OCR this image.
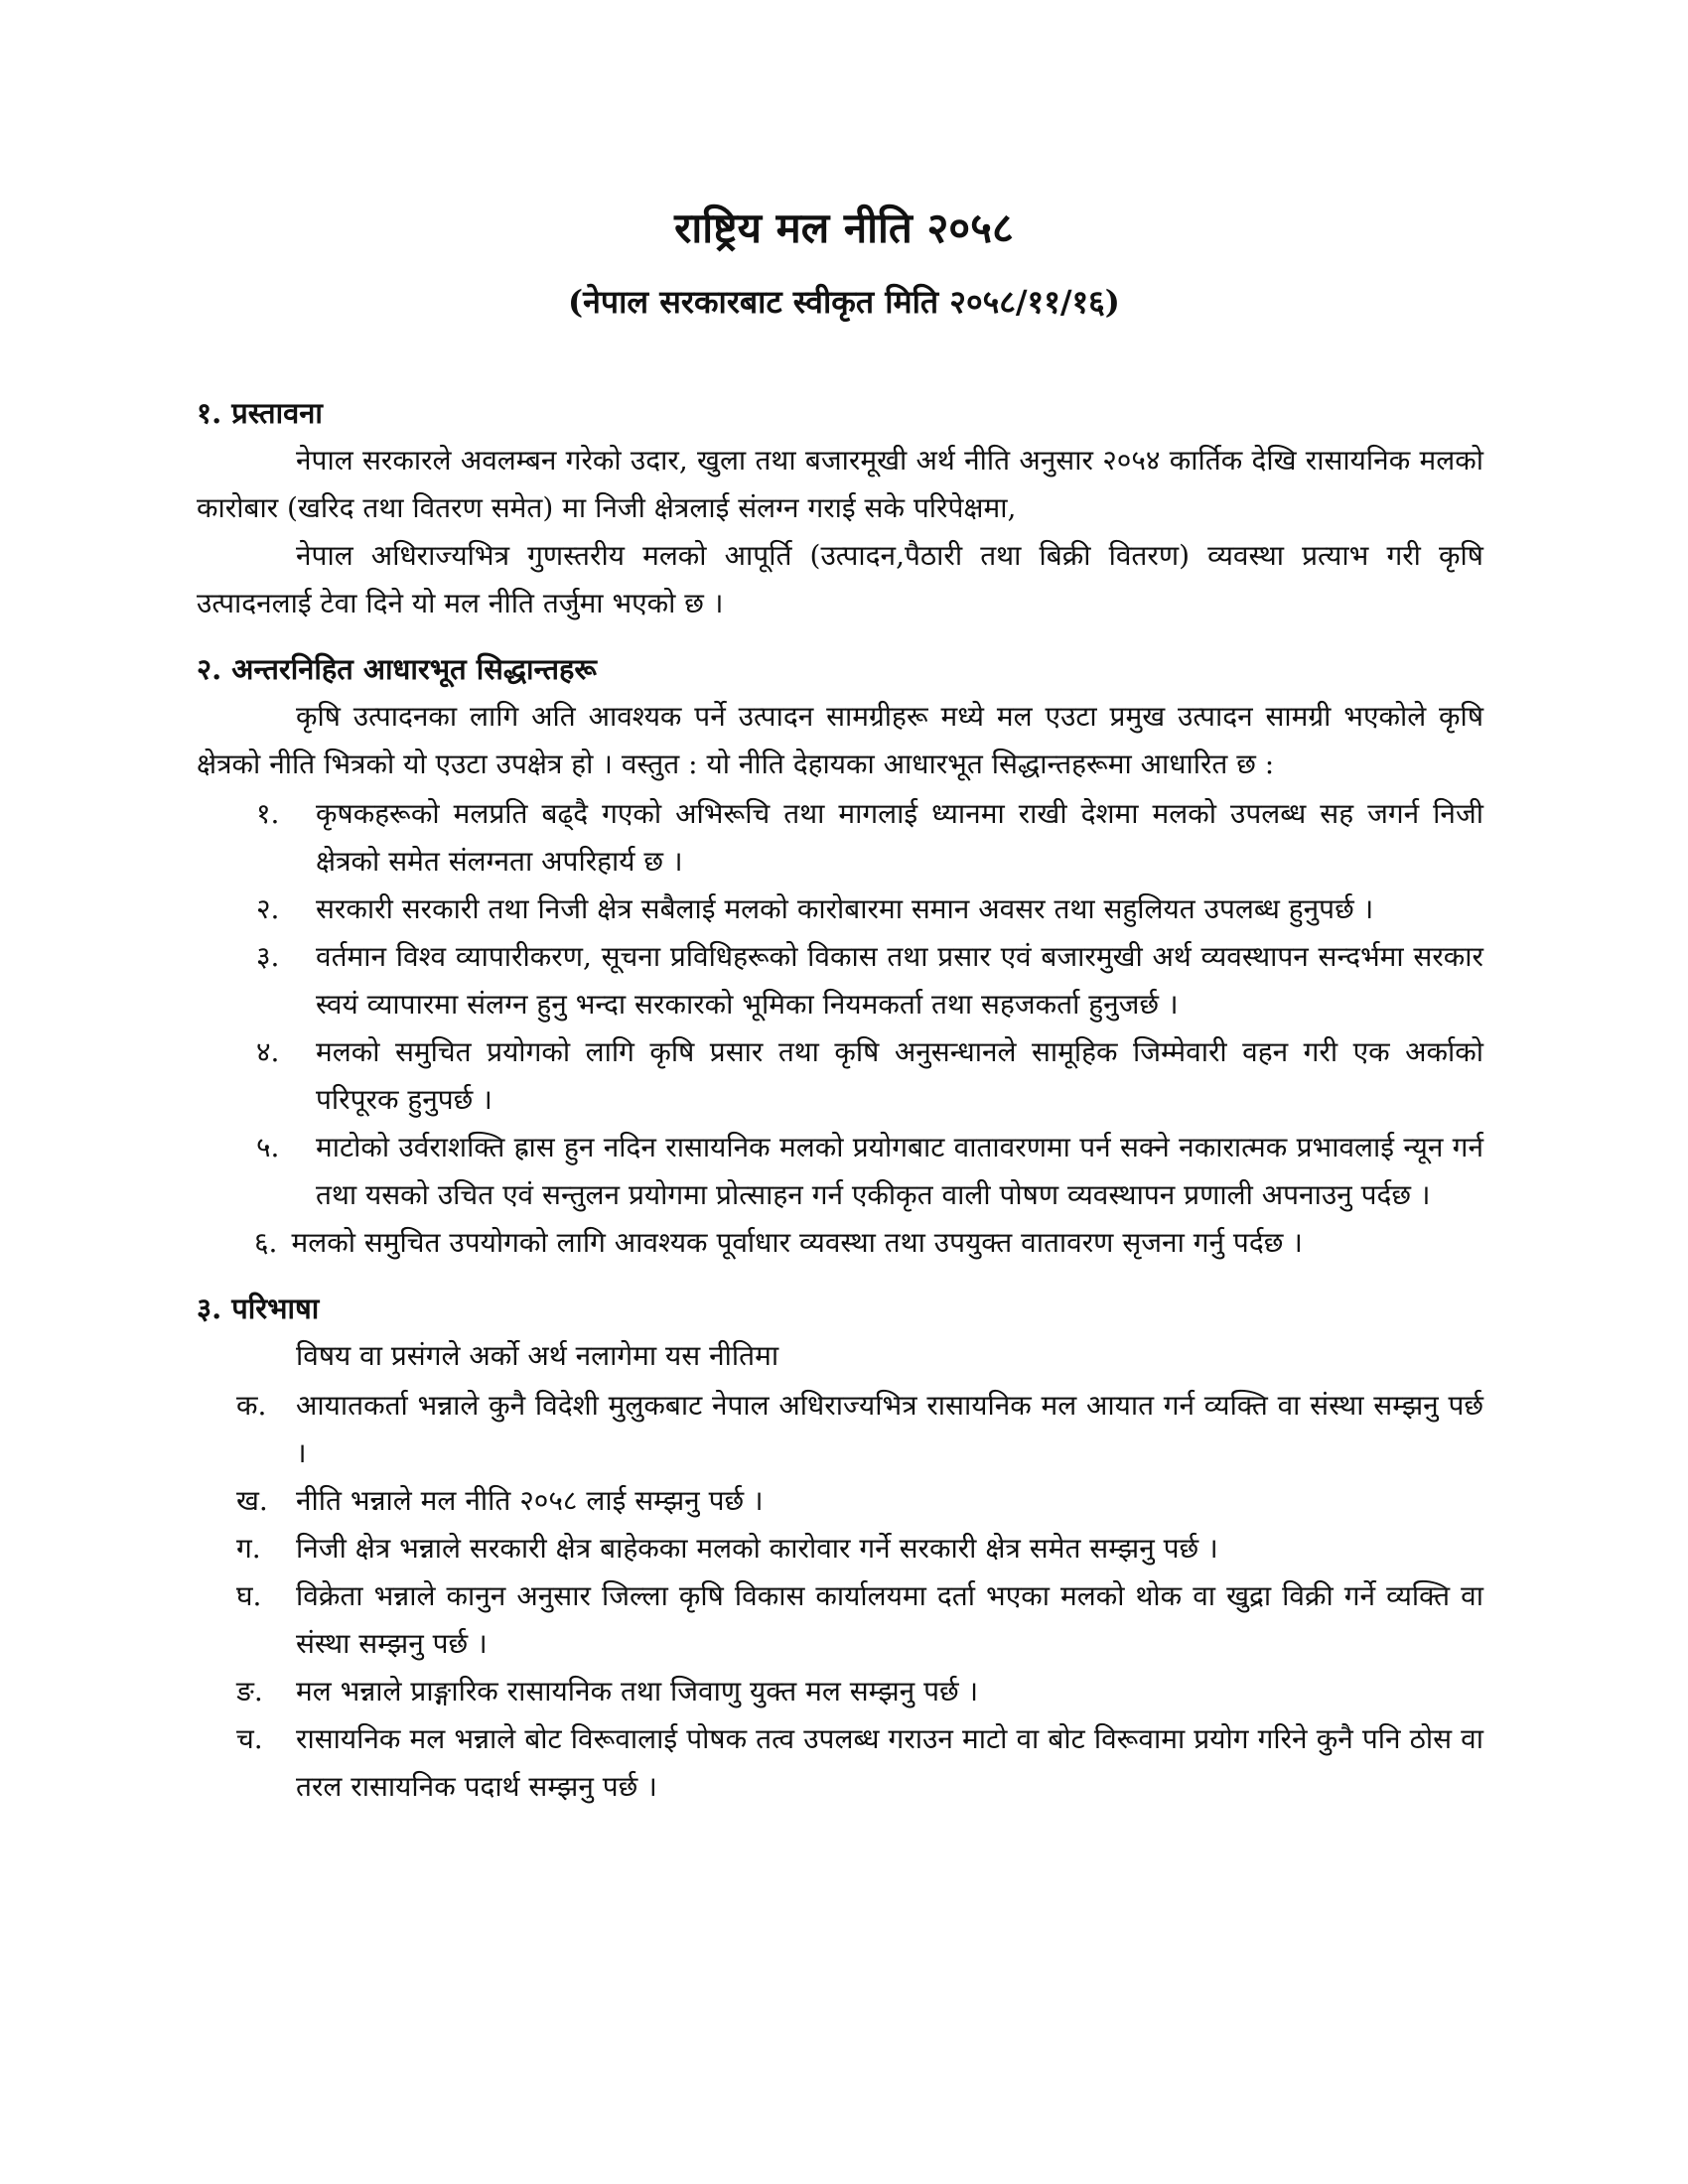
राष्ट्रिय मल नीति २०५८
(नेपाल सरकारबाट स्वीकृत मिति २०५८/११/१६)

१. प्रस्तावना

नेपाल सरकारले अवलम्बन गरेको उदार, खुला तथा बजारमूखी अर्थ नीति अनुसार २०५४ कार्तिक देखि रासायनिक मलको कारोबार (खरिद तथा वितरण समेत) मा निजी क्षेत्रलाई संलग्न गराई सके परिपेक्षमा,

नेपाल अधिराज्यभित्र गुणस्तरीय मलको आपूर्ति (उत्पादन,पैठारी तथा बिक्री वितरण) व्यवस्था प्रत्याभ गरी कृषि उत्पादनलाई टेवा दिने यो मल नीति तर्जुमा भएको छ ।

२. अन्तरनिहित आधारभूत सिद्धान्तहरू

कृषि उत्पादनका लागि अति आवश्यक पर्ने उत्पादन सामग्रीहरू मध्ये मल एउटा प्रमुख उत्पादन सामग्री भएकोले कृषि क्षेत्रको नीति भित्रको यो एउटा उपक्षेत्र हो । वस्तुत : यो नीति देहायका आधारभूत सिद्धान्तहरूमा आधारित छ :

१.	कृषकहरूको मलप्रति बढ्दै गएको अभिरूचि तथा मागलाई ध्यानमा राखी देशमा मलको उपलब्ध सह जगर्न निजी क्षेत्रको समेत संलग्नता अपरिहार्य छ ।
२.	सरकारी सरकारी तथा निजी क्षेत्र सबैलाई मलको कारोबारमा समान अवसर तथा सहुलियत उपलब्ध हुनुपर्छ ।
३.	वर्तमान विश्व व्यापारीकरण, सूचना प्रविधिहरूको विकास तथा प्रसार एवं बजारमुखी अर्थ व्यवस्थापन सन्दर्भमा सरकार स्वयं व्यापारमा संलग्न हुनु भन्दा सरकारको भूमिका नियमकर्ता तथा सहजकर्ता हुनुजर्छ ।
४.	मलको समुचित प्रयोगको लागि कृषि प्रसार तथा कृषि अनुसन्धानले सामूहिक जिम्मेवारी वहन गरी एक अर्काको परिपूरक हुनुपर्छ ।
५.	माटोको उर्वराशक्ति ह्रास हुन नदिन रासायनिक मलको प्रयोगबाट वातावरणमा पर्न सक्ने नकारात्मक प्रभावलाई न्यून गर्न तथा यसको उचित एवं सन्तुलन प्रयोगमा प्रोत्साहन गर्न एकीकृत वाली पोषण व्यवस्थापन प्रणाली अपनाउनु पर्दछ ।
६. मलको समुचित उपयोगको लागि आवश्यक पूर्वाधार व्यवस्था तथा उपयुक्त वातावरण सृजना गर्नु पर्दछ ।

३. परिभाषा

विषय वा प्रसंगले अर्को अर्थ नलागेमा यस नीतिमा

क.	आयातकर्ता भन्नाले कुनै विदेशी मुलुकबाट नेपाल अधिराज्यभित्र रासायनिक मल आयात गर्न व्यक्ति वा संस्था सम्झनु पर्छ ।
ख.	नीति भन्नाले मल नीति २०५८ लाई सम्झनु पर्छ ।
ग.	निजी क्षेत्र भन्नाले सरकारी क्षेत्र बाहेकका मलको कारोवार गर्ने सरकारी क्षेत्र समेत सम्झनु पर्छ ।
घ.	विक्रेता भन्नाले कानुन अनुसार जिल्ला कृषि विकास कार्यालयमा दर्ता भएका मलको थोक वा खुद्रा विक्री गर्ने व्यक्ति वा संस्था सम्झनु पर्छ ।
ङ.	मल भन्नाले प्राङ्गारिक रासायनिक तथा जिवाणु युक्त मल सम्झनु पर्छ ।
च.	रासायनिक मल भन्नाले बोट विरूवालाई पोषक तत्व उपलब्ध गराउन माटो वा बोट विरूवामा प्रयोग गरिने कुनै पनि ठोस वा तरल रासायनिक पदार्थ सम्झनु पर्छ ।
